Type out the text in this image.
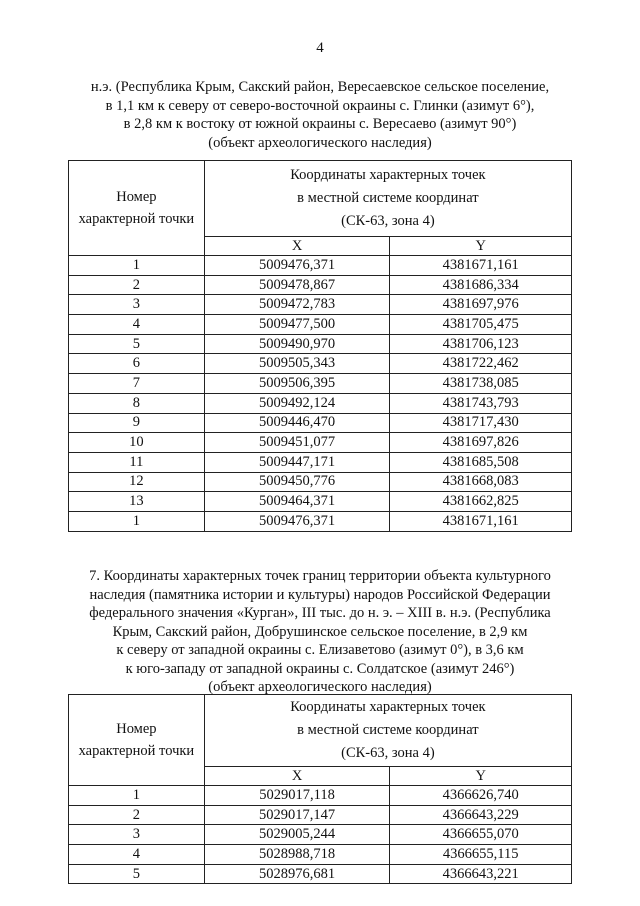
4
н.э. (Республика Крым, Сакский район, Вересаевское сельское поселение,
в 1,1 км к северу от северо-восточной окраины с. Глинки (азимут 6°),
в 2,8 км к востоку от южной окраины с. Вересаево (азимут 90°)
(объект археологического наследия)
Номер
характерной точки	Координаты характерных точек
в местной системе координат
(СК-63, зона 4)	

	X	Y
1	5009476,371	4381671,161
2	5009478,867	4381686,334
3	5009472,783	4381697,976
4	5009477,500	4381705,475
5	5009490,970	4381706,123
6	5009505,343	4381722,462
7	5009506,395	4381738,085
8	5009492,124	4381743,793
9	5009446,470	4381717,430
10	5009451,077	4381697,826
11	5009447,171	4381685,508
12	5009450,776	4381668,083
13	5009464,371	4381662,825
1	5009476,371	4381671,161
7. Координаты характерных точек границ территории объекта культурного
наследия (памятника истории и культуры) народов Российской Федерации
федерального значения «Курган», III тыс. до н. э. – XIII в. н.э. (Республика
Крым, Сакский район, Добрушинское сельское поселение, в 2,9 км
к северу от западной окраины с. Елизаветово (азимут 0°), в 3,6 км
к юго-западу от западной окраины с. Солдатское (азимут 246°)
(объект археологического наследия)
Номер
характерной точки	Координаты характерных точек
в местной системе координат
(СК-63, зона 4)	

	X	Y
1	5029017,118	4366626,740
2	5029017,147	4366643,229
3	5029005,244	4366655,070
4	5028988,718	4366655,115
5	5028976,681	4366643,221
